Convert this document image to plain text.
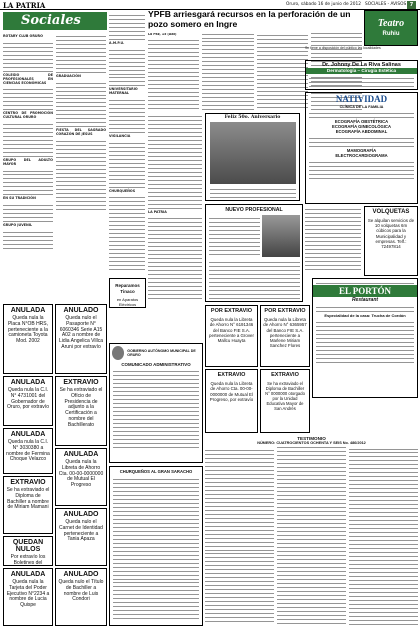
LA PATRIA	Oruro, sábado 16 de junio de 2012 SOCIALES - AVISOS 7
Sociales
ROTARY CLUB ORURO
COLEGIO DE PROFESIONALES EN CIENCIAS ECONÓMICAS
CENTRO DE PROMOCIÓN CULTURAL ORURO
GRUPO DEL ADULTO MAYOR
EN SU TRADICIÓN
GRUPO JUVENIL
GRADUACIÓN
FIESTA DEL SAGRADO CORAZÓN DE JESÚS
A.M.P.U.
UNIVERSITARIO MATERNAL
VIGILANCIA
CHURQUEÑOS
Reparamos Tinaco
en Aparatos Eléctricos
ANULADA
Queda nula la Placa N°OB HRS, perteneciente a la camioneta Toyota Mod. 2002
ANULADO
Queda nulo el Pasaporte N° 6060346 Serie A15 A02 a nombre de Lidia Angelica Villca Aruni por extravío
ANULADA
Queda nula la C.I. N° 4731001 del Gobernador de Oruro, por extravío
EXTRAVIO
Se ha extraviado el Ofício de Presidencia de adjunto a la Certificación a nombre del Bachillerato
ANULADA
Queda nula la C.I. N° 3030380 a nombre de Fermina Choque Velazco
ANULADA
Queda nula la Libreta de Ahorro Cta. 00-00-0000000 de Mutual El Progreso
EXTRAVIO
Se ha extraviado el Diploma de Bachiller a nombre de Miriam Mamani
ANULADO
Queda nulo el Carnet de Identidad perteneciente a Tania Apaza
QUEDAN NULOS
Por extravío los Boletines del
ANULADA
Queda nula la Tarjeta del Poder Ejecutivo N°2234 a nombre de Lucia Quispe
ANULADO
Queda nulo el Título de Bachiller a nombre de Luis Condori
YPFB arriesgará recursos en la perforación de un pozo somero en Ingre
La Paz, 15 (ABI)
Feliz 50o. Aniversario
LA PATRIA	NUEVO PROFESIONAL
Teatro
Ruhiu
Se tiene a disposición del público las localidades
Dr. Johnny De La Riva Salinas
Dermatología – Cirugía Estética
NATIVIDAD
CLÍNICA DE LA FAMILIA
ECOGRAFÍA OBSTÉTRICA
ECOGRAFÍA GINECOLÓGICA
ECOGRAFÍA ABDOMINAL
MAMOGRAFÍA
ELECTROCARDIOGRAMA
VOLQUETAS
Se alquilan servicios de 10 volquetas 6m cúbicos para la Municipalidad y empresas. Telf.: 72497814
POR EXTRAVIO
Queda nula la Libreta de Ahorro N° 6191346 del Banco FIE S.A. perteneciente a Grover Mallcu Huayta
POR EXTRAVIO
Queda nula la Libreta de Ahorro N° 6365957 del Banco FIE S.A. perteneciente a Marlene Miriam Sanchez Flores
EXTRAVIO
Queda nula la Libreta de Ahorro Cta. 00-00-0000000 de Mutual El Progreso, por extravío
EXTRAVIO
Se ha extraviado el Diploma de Bachiller N° 0000000 otorgado por la Unidad Educativa Mayor de San Andrés
EL PORTÓN
Restaurant
Especialidad de la casa: Trucha de Cordón
GOBIERNO AUTÓNOMO MUNICIPAL DE ORURO
COMUNICADO ADMINISTRATIVO
CHURQUEÑOS AL GRAN SARACHO
TESTIMONIO
NÚMERO: CUATROCIENTOS OCHENTA Y SEIS No. 486/2012
